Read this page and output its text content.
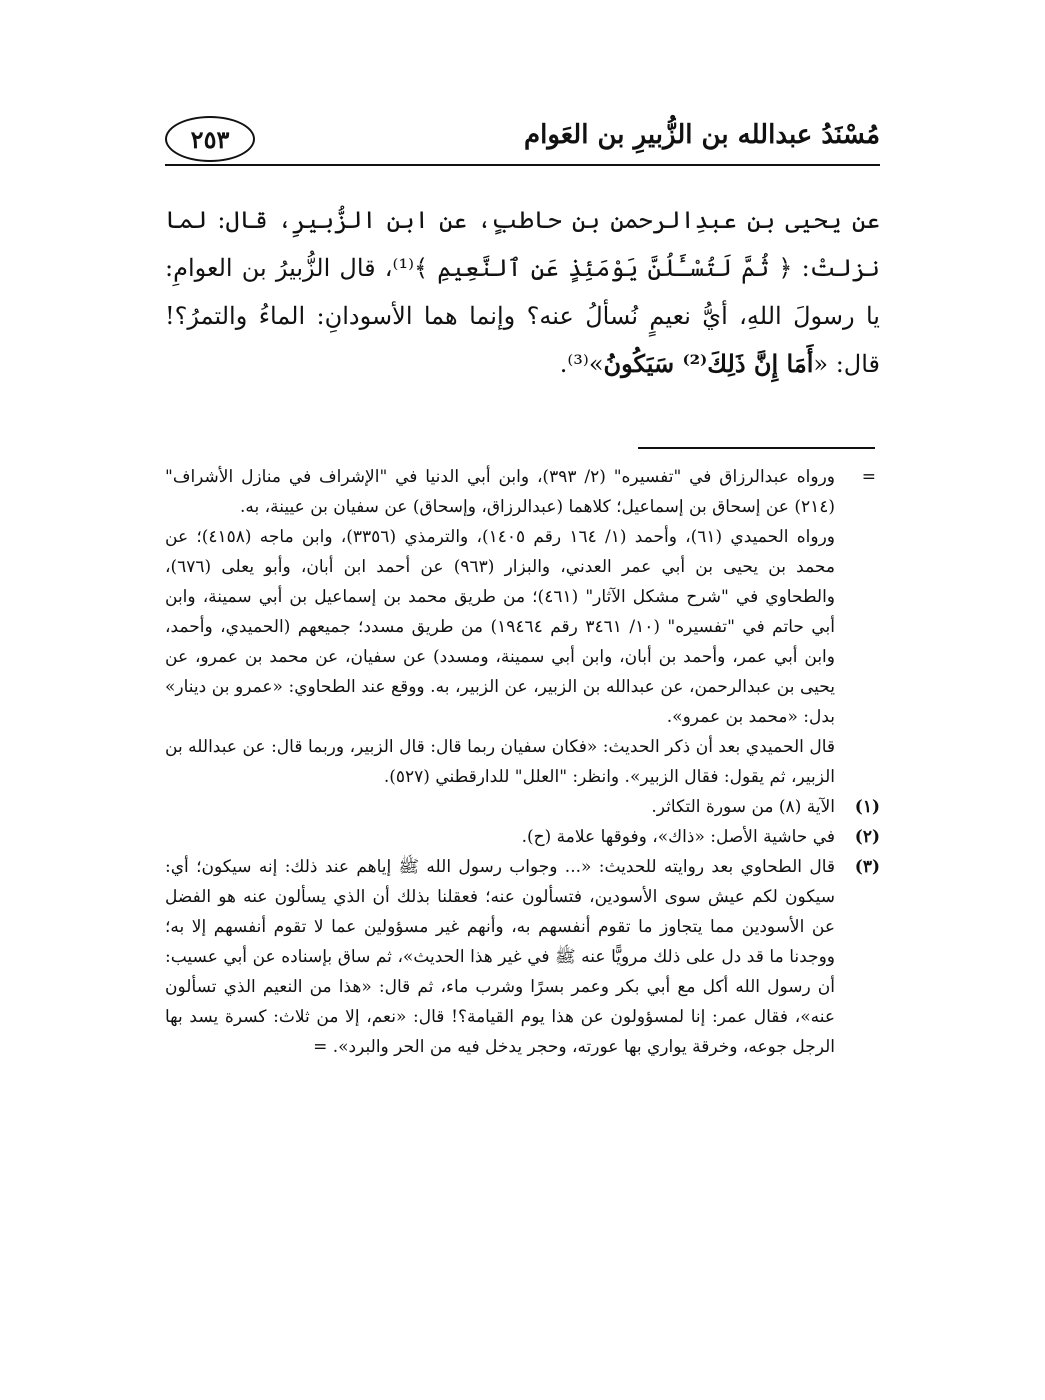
مُسْنَدُ عبدالله بن الزُّبيرِ بن العَوام
٢٥٣

عن يحيى بن عبدِالرحمنِ بن حاطبٍ، عن ابن الزُّبيرِ، قال: لما نزلتْ: ﴿ ثُمَّ لَتُسْـَٔلُنَّ يَوْمَئِذٍ عَنِ ٱلنَّعِيمِ ﴾⁽¹⁾، قال الزُّبيرُ بن العوامِ: يا رسولَ اللهِ، أيُّ نعيمٍ نُسألُ عنه؟ وإنما هما الأسودانِ: الماءُ والتمرُ؟! قال: «أَمَا إِنَّ ذَلِكَ⁽²⁾ سَيَكُونُ»⁽³⁾.

=
ورواه عبدالرزاق في "تفسيره" (٢/ ٣٩٣)، وابن أبي الدنيا في "الإشراف في منازل الأشراف" (٢١٤) عن إسحاق بن إسماعيل؛ كلاهما (عبدالرزاق، وإسحاق) عن سفيان بن عيينة، به.

ورواه الحميدي (٦١)، وأحمد (١/ ١٦٤ رقم ١٤٠٥)، والترمذي (٣٣٥٦)، وابن ماجه (٤١٥٨)؛ عن محمد بن يحيى بن أبي عمر العدني، والبزار (٩٦٣) عن أحمد ابن أبان، وأبو يعلى (٦٧٦)، والطحاوي في "شرح مشكل الآثار" (٤٦١)؛ من طريق محمد بن إسماعيل بن أبي سمينة، وابن أبي حاتم في "تفسيره" (١٠/ ٣٤٦١ رقم ١٩٤٦٤) من طريق مسدد؛ جميعهم (الحميدي، وأحمد، وابن أبي عمر، وأحمد بن أبان، وابن أبي سمينة، ومسدد) عن سفيان، عن محمد بن عمرو، عن يحيى بن عبدالرحمن، عن عبدالله بن الزبير، عن الزبير، به. ووقع عند الطحاوي: «عمرو بن دينار» بدل: «محمد بن عمرو».

قال الحميدي بعد أن ذكر الحديث: «فكان سفيان ربما قال: قال الزبير، وربما قال: عن عبدالله بن الزبير، ثم يقول: فقال الزبير». وانظر: "العلل" للدارقطني (٥٢٧).

(١)
الآية (٨) من سورة التكاثر.

(٢)
في حاشية الأصل: «ذاك»، وفوقها علامة (ح).

(٣)
قال الطحاوي بعد روايته للحديث: «... وجواب رسول الله ﷺ إياهم عند ذلك: إنه سيكون؛ أي: سيكون لكم عيش سوى الأسودين، فتسألون عنه؛ فعقلنا بذلك أن الذي يسألون عنه هو الفضل عن الأسودين مما يتجاوز ما تقوم أنفسهم به، وأنهم غير مسؤولين عما لا تقوم أنفسهم إلا به؛ ووجدنا ما قد دل على ذلك مرويًّا عنه ﷺ في غير هذا الحديث»، ثم ساق بإسناده عن أبي عسيب: أن رسول الله أكل مع أبي بكر وعمر بسرًا وشرب ماء، ثم قال: «هذا من النعيم الذي تسألون عنه»، فقال عمر: إنا لمسؤولون عن هذا يوم القيامة؟! قال: «نعم، إلا من ثلاث: كسرة يسد بها الرجل جوعه، وخرقة يواري بها عورته، وحجر يدخل فيه من الحر والبرد». =
